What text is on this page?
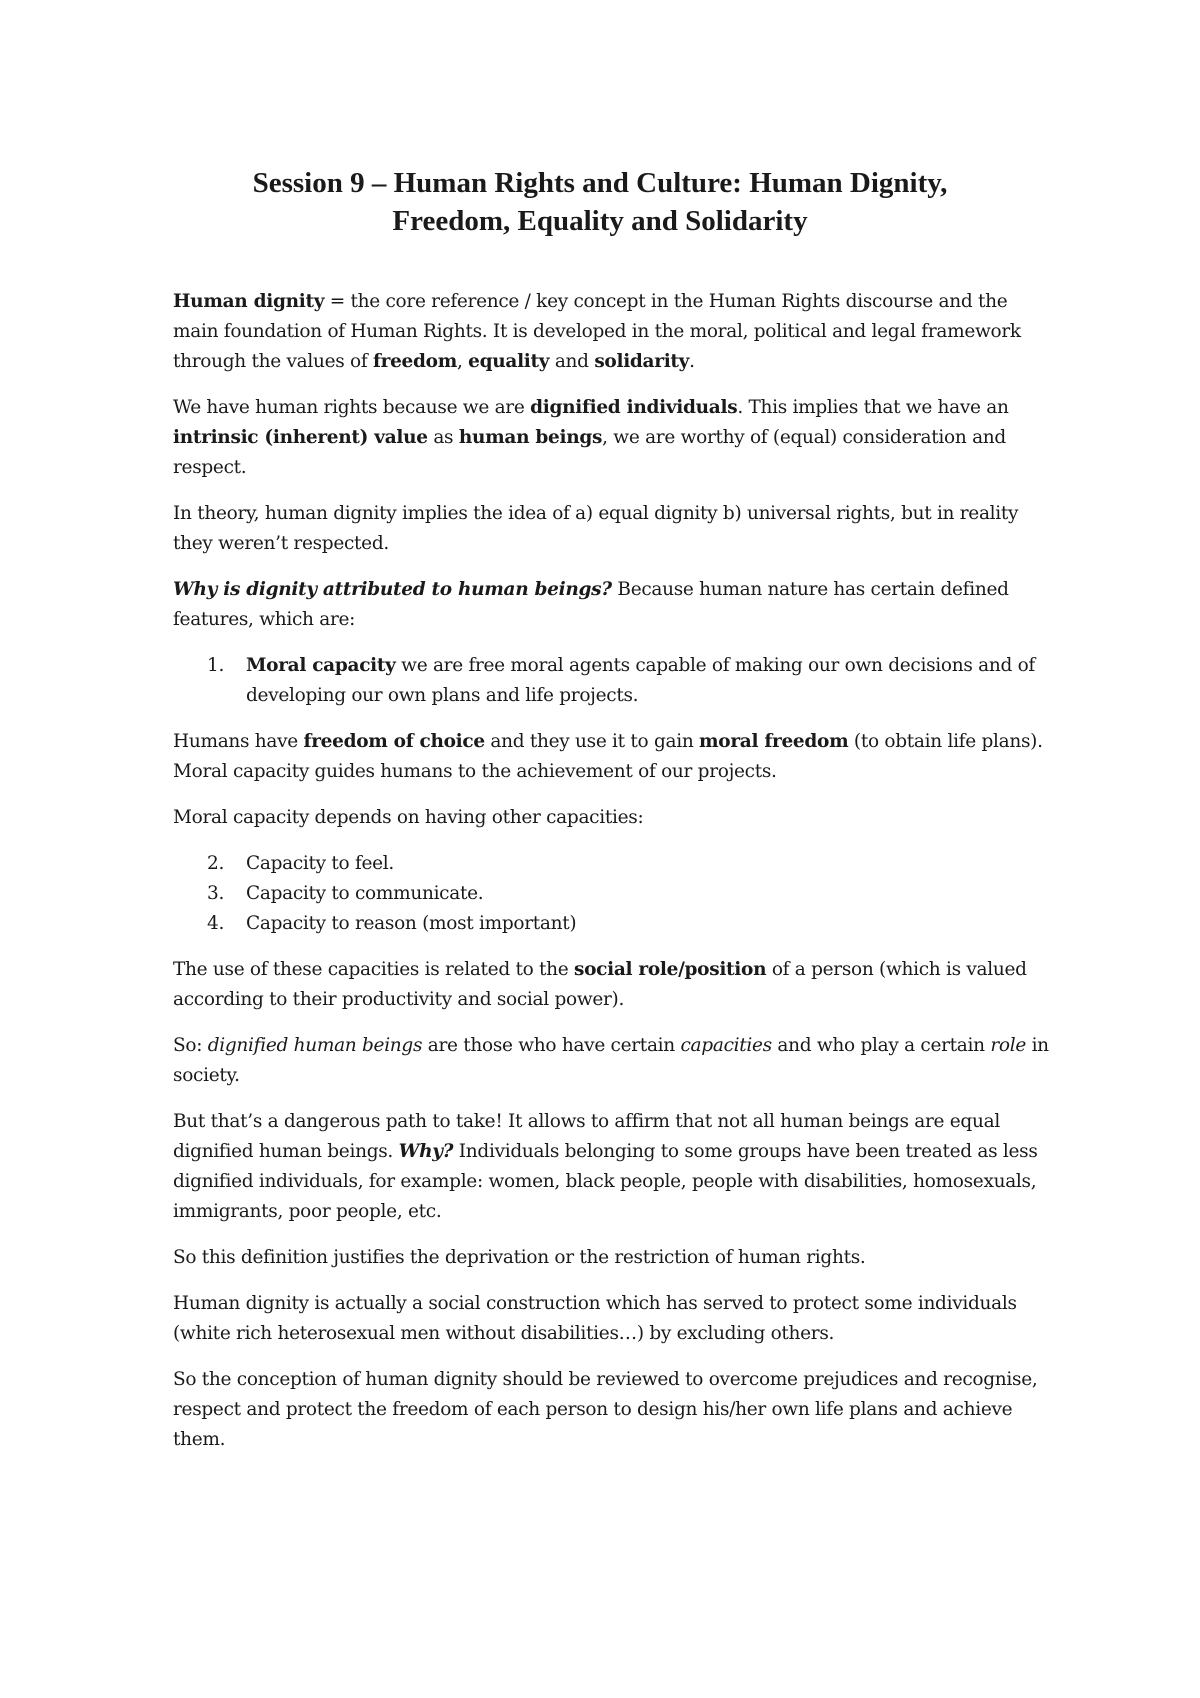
Session 9 – Human Rights and Culture: Human Dignity,
Freedom, Equality and Solidarity

Human dignity = the core reference / key concept in the Human Rights discourse and the main foundation of Human Rights. It is developed in the moral, political and legal framework through the values of freedom, equality and solidarity.

We have human rights because we are dignified individuals. This implies that we have an intrinsic (inherent) value as human beings, we are worthy of (equal) consideration and respect.

In theory, human dignity implies the idea of a) equal dignity b) universal rights, but in reality they weren’t respected.

Why is dignity attributed to human beings? Because human nature has certain defined features, which are:

1. Moral capacity we are free moral agents capable of making our own decisions and of developing our own plans and life projects.

Humans have freedom of choice and they use it to gain moral freedom (to obtain life plans). Moral capacity guides humans to the achievement of our projects.

Moral capacity depends on having other capacities:

2. Capacity to feel.
3. Capacity to communicate.
4. Capacity to reason (most important)

The use of these capacities is related to the social role/position of a person (which is valued according to their productivity and social power).

So: dignified human beings are those who have certain capacities and who play a certain role in society.

But that’s a dangerous path to take! It allows to affirm that not all human beings are equal dignified human beings. Why? Individuals belonging to some groups have been treated as less dignified individuals, for example: women, black people, people with disabilities, homosexuals, immigrants, poor people, etc.

So this definition justifies the deprivation or the restriction of human rights.

Human dignity is actually a social construction which has served to protect some individuals (white rich heterosexual men without disabilities…) by excluding others.

So the conception of human dignity should be reviewed to overcome prejudices and recognise, respect and protect the freedom of each person to design his/her own life plans and achieve them.
